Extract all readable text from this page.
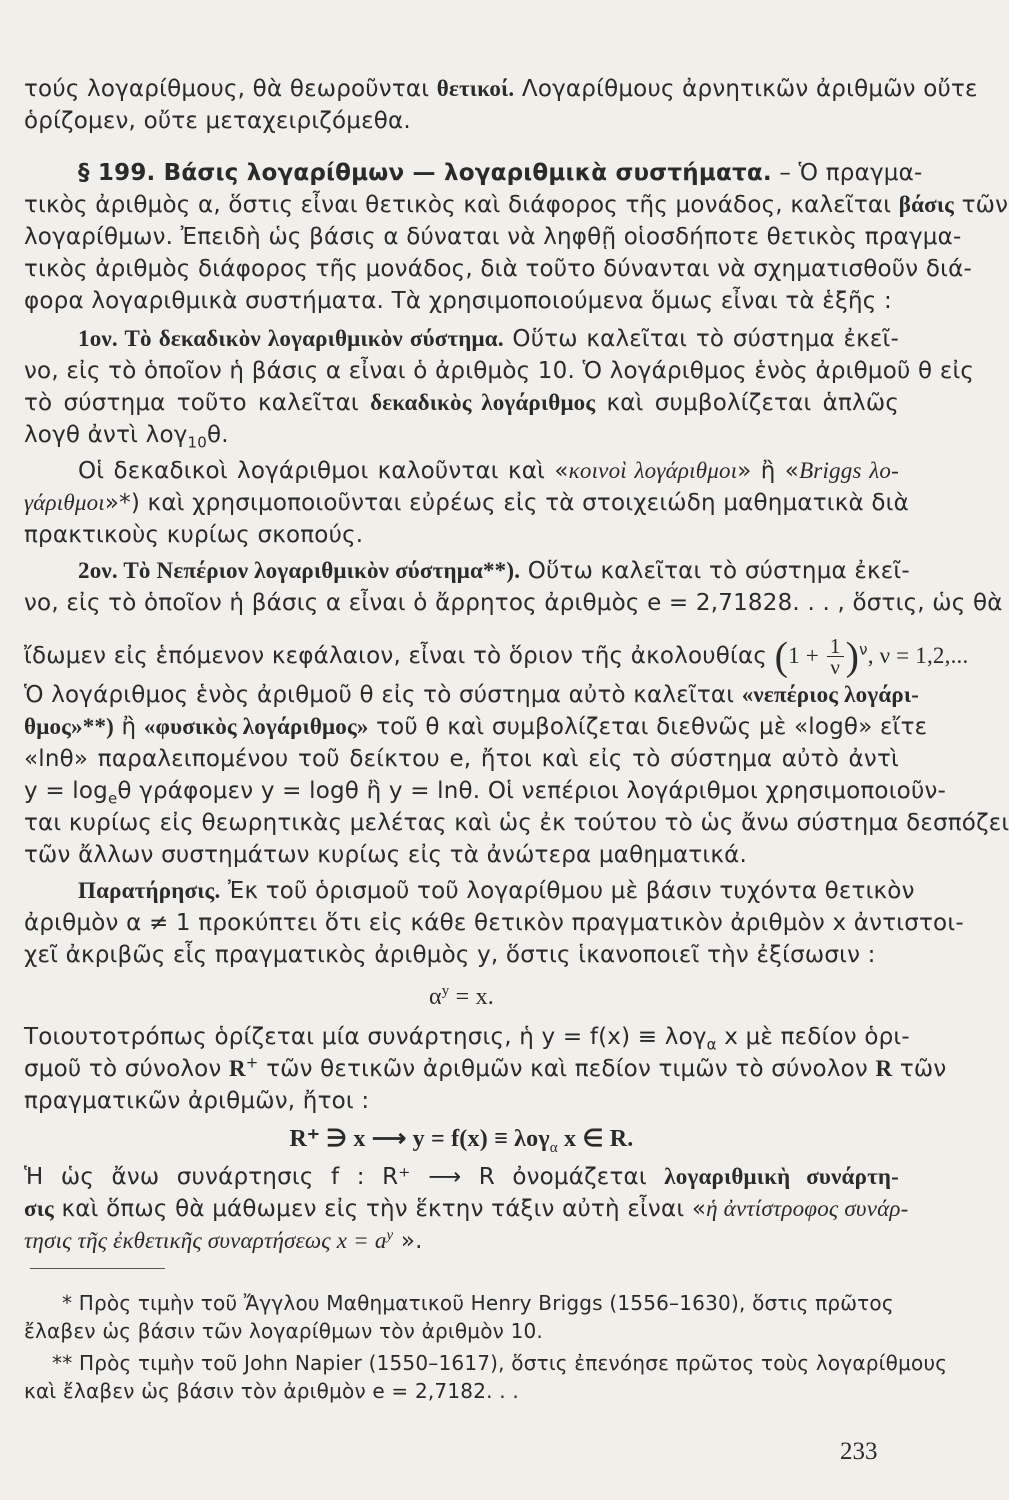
τούς λογαρίθμους, θὰ θεωροῦνται θετικοί. Λογαρίθμους ἀρνητικῶν ἀριθμῶν οὔτε
ὁρίζομεν, οὔτε μεταχειριζόμεθα.
§ 199. Βάσις λογαρίθμων — λογαριθμικὰ συστήματα. – Ὁ πραγμα-
τικὸς ἀριθμὸς α, ὅστις εἶναι θετικὸς καὶ διάφορος τῆς μονάδος, καλεῖται βάσις τῶν
λογαρίθμων. Ἐπειδὴ ὡς βάσις α δύναται νὰ ληφθῇ οἱοσδήποτε θετικὸς πραγμα-
τικὸς ἀριθμὸς διάφορος τῆς μονάδος, διὰ τοῦτο δύνανται νὰ σχηματισθοῦν διά-
φορα λογαριθμικὰ συστήματα. Τὰ χρησιμοποιούμενα ὅμως εἶναι τὰ ἑξῆς :
1ον. Τὸ δεκαδικὸν λογαριθμικὸν σύστημα. Οὕτω καλεῖται τὸ σύστημα ἐκεῖ-
νο, εἰς τὸ ὁποῖον ἡ βάσις α εἶναι ὁ ἀριθμὸς 10. Ὁ λογάριθμος ἑνὸς ἀριθμοῦ θ εἰς
τὸ σύστημα τοῦτο καλεῖται δεκαδικὸς λογάριθμος καὶ συμβολίζεται ἁπλῶς
λογθ ἀντὶ λογ$_{10}$θ.
Οἱ δεκαδικοὶ λογάριθμοι καλοῦνται καὶ «κοινοὶ λογάριθμοι» ἢ «Briggs λο-
γάριθμοι»*) καὶ χρησιμοποιοῦνται εὐρέως εἰς τὰ στοιχειώδη μαθηματικὰ διὰ
πρακτικοὺς κυρίως σκοπούς.
2ον. Τὸ Νεπέριον λογαριθμικὸν σύστημα**). Οὕτω καλεῖται τὸ σύστημα ἐκεῖ-
νο, εἰς τὸ ὁποῖον ἡ βάσις α εἶναι ὁ ἄρρητος ἀριθμὸς e = 2,71828. . . , ὅστις, ὡς θὰ
ἴδωμεν εἰς ἑπόμενον κεφάλαιον, εἶναι τὸ ὅριον τῆς ἀκολουθίας $(1 + \frac{1}{\nu} )^\nu$, ν = 1,2,...
Ὁ λογάριθμος ἑνὸς ἀριθμοῦ θ εἰς τὸ σύστημα αὐτὸ καλεῖται «νεπέριος λογάρι-
θμος»**) ἢ «φυσικὸς λογάριθμος» τοῦ θ καὶ συμβολίζεται διεθνῶς μὲ «logθ» εἴτε
«lnθ» παραλειπομένου τοῦ δείκτου e, ἤτοι καὶ εἰς τὸ σύστημα αὐτὸ ἀντὶ
$y = \log_e\theta$ γράφομεν y = logθ ἢ y = lnθ. Οἱ νεπέριοι λογάριθμοι χρησιμοποιοῦν-
ται κυρίως εἰς θεωρητικὰς μελέτας καὶ ὡς ἐκ τούτου τὸ ὡς ἄνω σύστημα δεσπόζει
τῶν ἄλλων συστημάτων κυρίως εἰς τὰ ἀνώτερα μαθηματικά.
Παρατήρησις. Ἐκ τοῦ ὁρισμοῦ τοῦ λογαρίθμου μὲ βάσιν τυχόντα θετικὸν
ἀριθμὸν α ≠ 1 προκύπτει ὅτι εἰς κάθε θετικὸν πραγματικὸν ἀριθμὸν x ἀντιστοι-
χεῖ ἀκριβῶς εἷς πραγματικὸς ἀριθμὸς y, ὅστις ἱκανοποιεῖ τὴν ἐξίσωσιν :
$\alpha^y = x$.
Τοιουτοτρόπως ὁρίζεται μία συνάρτησις, ἡ y = f(x) ≡ λογ$_\alpha$ x μὲ πεδίον ὁρι-
σμοῦ τὸ σύνολον R+ τῶν θετικῶν ἀριθμῶν καὶ πεδίον τιμῶν τὸ σύνολον R τῶν
πραγματικῶν ἀριθμῶν, ἤτοι :
R⁺ ∋ x ⟶ y = f(x) ≡ λογ$_\alpha$ x ∈ R.
Ἡ ὡς ἄνω συνάρτησις f : R⁺ ⟶ R ὀνομάζεται λογαριθμικὴ συνάρτη-
σις καὶ ὅπως θὰ μάθωμεν εἰς τὴν ἕκτην τάξιν αὐτὴ εἶναι «ἡ ἀντίστροφος συνάρ-
τησις τῆς ἐκθετικῆς συναρτήσεως $x = a^y$ ».
* Πρὸς τιμὴν τοῦ Ἄγγλου Μαθηματικοῦ Henry Briggs (1556–1630), ὅστις πρῶτος
ἔλαβεν ὡς βάσιν τῶν λογαρίθμων τὸν ἀριθμὸν 10.
** Πρὸς τιμὴν τοῦ John Napier (1550–1617), ὅστις ἐπενόησε πρῶτος τοὺς λογαρίθμους
καὶ ἔλαβεν ὡς βάσιν τὸν ἀριθμὸν e = 2,7182. . .
233
